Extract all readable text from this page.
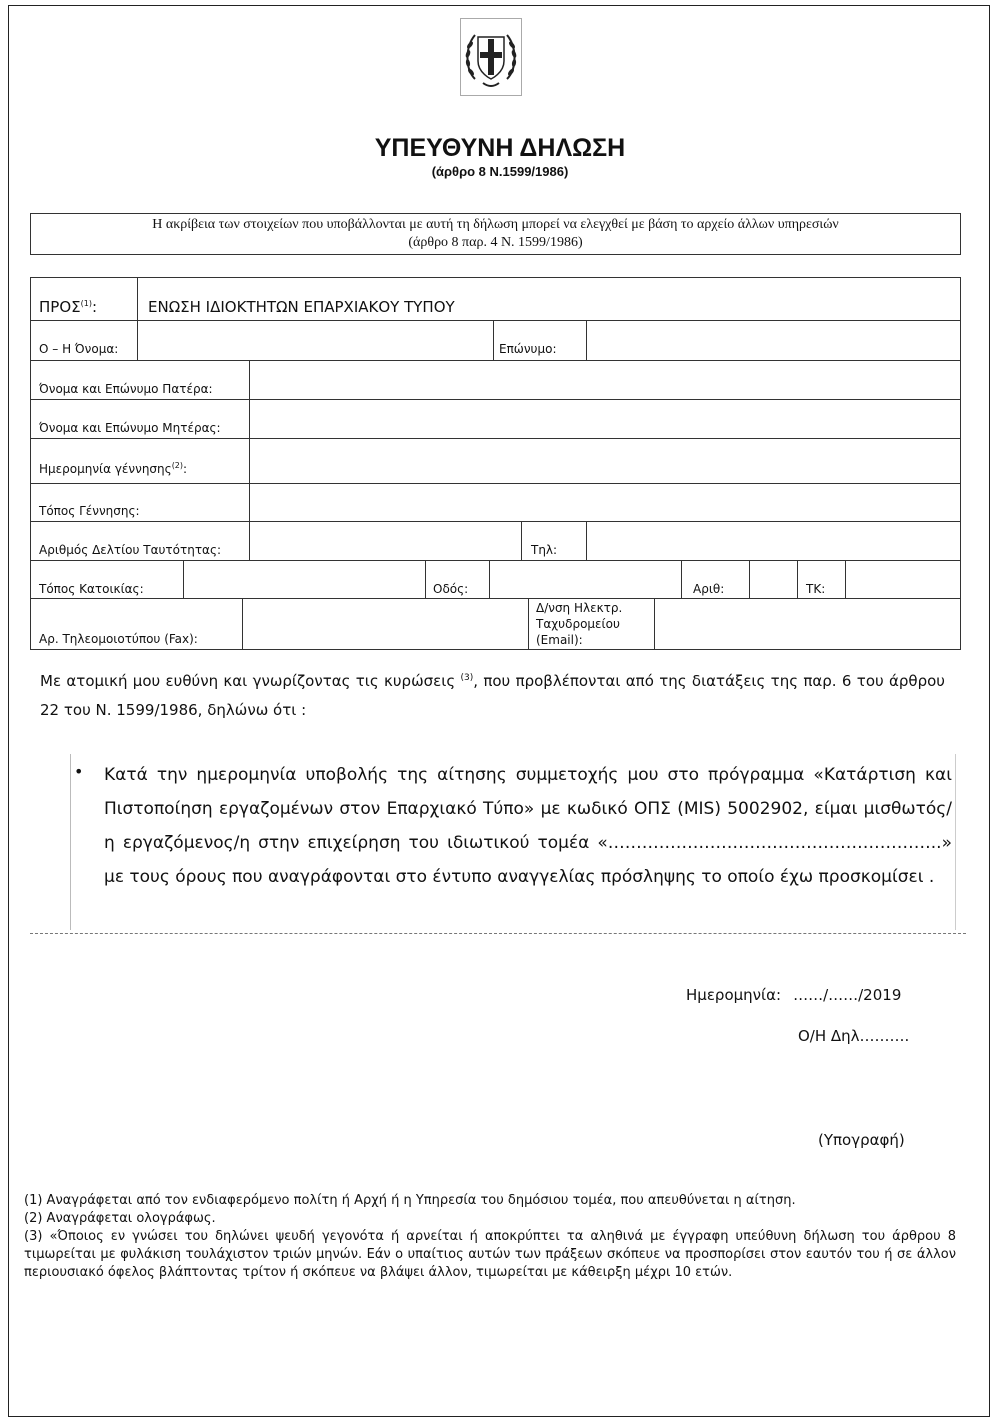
ΥΠΕΥΘΥΝΗ ΔΗΛΩΣΗ
(άρθρο 8 Ν.1599/1986)
Η ακρίβεια των στοιχείων που υποβάλλονται με αυτή τη δήλωση μπορεί να ελεγχθεί με βάση το αρχείο άλλων υπηρεσιών
(άρθρο 8 παρ. 4 Ν. 1599/1986)
ΠΡΟΣ$^{(1)}$:	ΕΝΩΣΗ ΙΔΙΟΚΤΗΤΩΝ ΕΠΑΡΧΙΑΚΟΥ ΤΥΠΟΥ
Ο – Η Όνομα:	Επώνυμο:
Όνομα και Επώνυμο Πατέρα:
Όνομα και Επώνυμο Μητέρας:
Ημερομηνία γέννησης$^{(2)}$:
Τόπος Γέννησης:
Αριθμός Δελτίου Ταυτότητας:	Τηλ:
Τόπος Κατοικίας:	Οδός:	Αριθ:	ΤΚ:
Αρ. Τηλεομοιοτύπου (Fax):
Δ/νση Ηλεκτρ.
Ταχυδρομείου
(Email):
Με ατομική μου ευθύνη και γνωρίζοντας τις κυρώσεις $^{(3)}$, που προβλέπονται από της διατάξεις της παρ. 6 του άρθρου 22 του Ν. 1599/1986, δηλώνω ότι :
• Κατά την ημερομηνία υποβολής της αίτησης συμμετοχής μου στο πρόγραμμα «Κατάρτιση και Πιστοποίηση εργαζομένων στον Επαρχιακό Τύπο» με κωδικό ΟΠΣ (MIS) 5002902, είμαι μισθωτός/η εργαζόμενος/η στην επιχείρηση του ιδιωτικού τομέα «…………………………………………………..» με τους όρους που αναγράφονται στο έντυπο αναγγελίας πρόσληψης το οποίο έχω προσκομίσει .
Ημερομηνία: ……/……/2019
Ο/Η Δηλ……….
(Υπογραφή)

(1) Αναγράφεται από τον ενδιαφερόμενο πολίτη ή Αρχή ή η Υπηρεσία του δημόσιου τομέα, που απευθύνεται η αίτηση.

(2) Αναγράφεται ολογράφως.

(3) «Όποιος εν γνώσει του δηλώνει ψευδή γεγονότα ή αρνείται ή αποκρύπτει τα αληθινά με έγγραφη υπεύθυνη δήλωση του άρθρου 8 τιμωρείται με φυλάκιση τουλάχιστον τριών μηνών. Εάν ο υπαίτιος αυτών των πράξεων σκόπευε να προσπορίσει στον εαυτόν του ή σε άλλον περιουσιακό όφελος βλάπτοντας τρίτον ή σκόπευε να βλάψει άλλον, τιμωρείται με κάθειρξη μέχρι 10 ετών.
